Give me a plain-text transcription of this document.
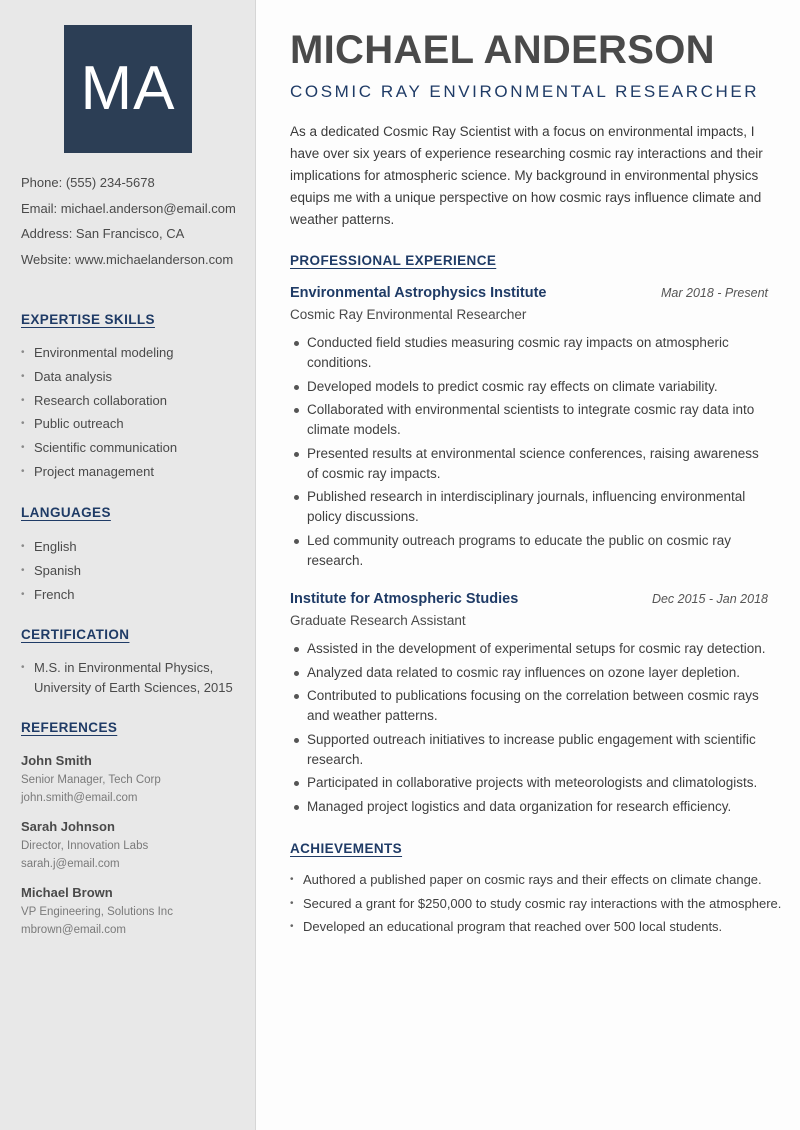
MA
Phone: (555) 234-5678
Email: michael.anderson@email.com
Address: San Francisco, CA
Website: www.michaelanderson.com
EXPERTISE SKILLS
• Environmental modeling
• Data analysis
• Research collaboration
• Public outreach
• Scientific communication
• Project management
LANGUAGES
• English
• Spanish
• French
CERTIFICATION
• M.S. in Environmental Physics, University of Earth Sciences, 2015
REFERENCES
John Smith
Senior Manager, Tech Corp
john.smith@email.com
Sarah Johnson
Director, Innovation Labs
sarah.j@email.com
Michael Brown
VP Engineering, Solutions Inc
mbrown@email.com
MICHAEL ANDERSON
COSMIC RAY ENVIRONMENTAL RESEARCHER
As a dedicated Cosmic Ray Scientist with a focus on environmental impacts, I have over six years of experience researching cosmic ray interactions and their implications for atmospheric science. My background in environmental physics equips me with a unique perspective on how cosmic rays influence climate and weather patterns.
PROFESSIONAL EXPERIENCE
Environmental Astrophysics Institute	Mar 2018 - Present
Cosmic Ray Environmental Researcher
Conducted field studies measuring cosmic ray impacts on atmospheric conditions.
Developed models to predict cosmic ray effects on climate variability.
Collaborated with environmental scientists to integrate cosmic ray data into climate models.
Presented results at environmental science conferences, raising awareness of cosmic ray impacts.
Published research in interdisciplinary journals, influencing environmental policy discussions.
Led community outreach programs to educate the public on cosmic ray research.
Institute for Atmospheric Studies	Dec 2015 - Jan 2018
Graduate Research Assistant
Assisted in the development of experimental setups for cosmic ray detection.
Analyzed data related to cosmic ray influences on ozone layer depletion.
Contributed to publications focusing on the correlation between cosmic rays and weather patterns.
Supported outreach initiatives to increase public engagement with scientific research.
Participated in collaborative projects with meteorologists and climatologists.
Managed project logistics and data organization for research efficiency.
ACHIEVEMENTS
• Authored a published paper on cosmic rays and their effects on climate change.
• Secured a grant for $250,000 to study cosmic ray interactions with the atmosphere.
• Developed an educational program that reached over 500 local students.
